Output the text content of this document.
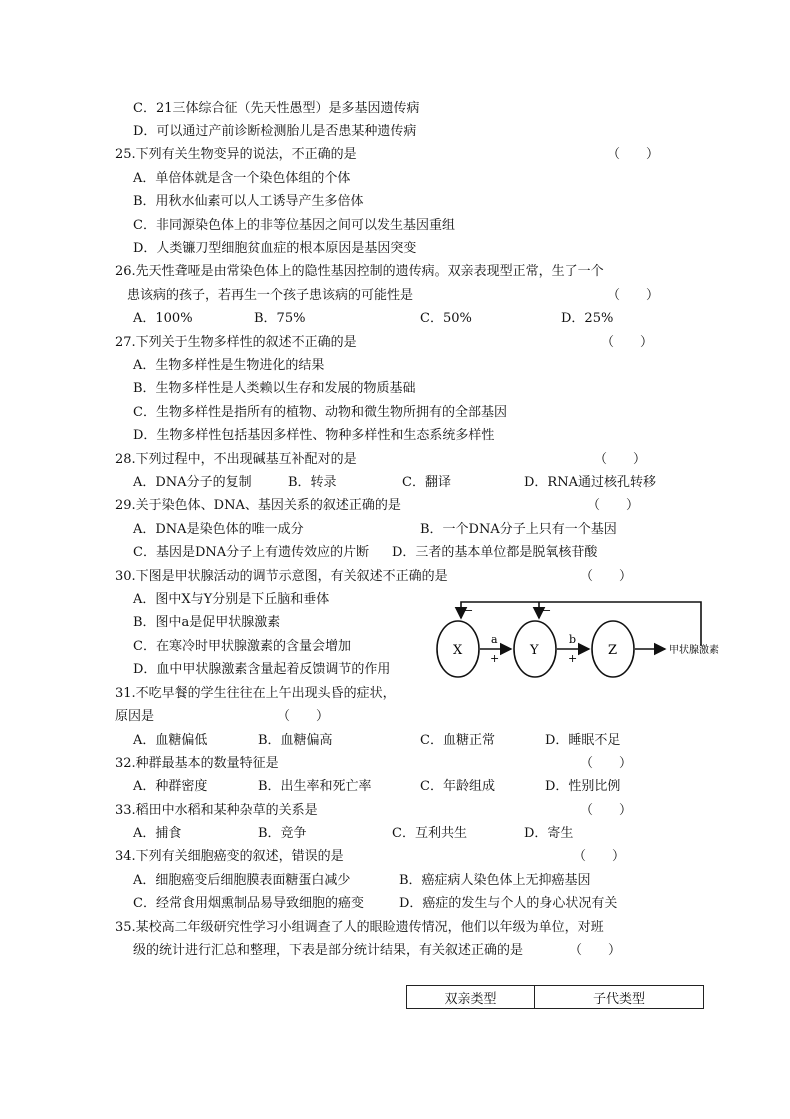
C．21三体综合征（先天性愚型）是多基因遗传病
D．可以通过产前诊断检测胎儿是否患某种遗传病
25.下列有关生物变异的说法，不正确的是	（　　）
A．单倍体就是含一个染色体组的个体
B．用秋水仙素可以人工诱导产生多倍体
C．非同源染色体上的非等位基因之间可以发生基因重组
D．人类镰刀型细胞贫血症的根本原因是基因突变
26.先天性聋哑是由常染色体上的隐性基因控制的遗传病。双亲表现型正常，生了一个
患该病的孩子，若再生一个孩子患该病的可能性是	（　　）
A．100%	B．75%	C．50%	D．25%
27.下列关于生物多样性的叙述不正确的是	（　　）
A．生物多样性是生物进化的结果
B．生物多样性是人类赖以生存和发展的物质基础
C．生物多样性是指所有的植物、动物和微生物所拥有的全部基因
D．生物多样性包括基因多样性、物种多样性和生态系统多样性
28.下列过程中，不出现碱基互补配对的是	（　　）
A．DNA分子的复制	B．转录	C．翻译	D．RNA通过核孔转移
29.关于染色体、DNA、基因关系的叙述正确的是	（　　）
A．DNA是染色体的唯一成分	B．一个DNA分子上只有一个基因
C．基因是DNA分子上有遗传效应的片断 D．三者的基本单位都是脱氧核苷酸
30.下图是甲状腺活动的调节示意图，有关叙述不正确的是	（　　）
A．图中X与Y分别是下丘脑和垂体
B．图中a是促甲状腺激素
C．在寒冷时甲状腺激素的含量会增加
D．血中甲状腺激素含量起着反馈调节的作用
−	−
X	Y	Z
a
+
b
+
甲状腺激素
31.不吃早餐的学生往往在上午出现头昏的症状，
原因是	（　　）
A．血糖偏低	B．血糖偏高	C．血糖正常	D．睡眠不足
32.种群最基本的数量特征是	（　　）
A．种群密度	B．出生率和死亡率	C．年龄组成	D．性别比例
33.稻田中水稻和某种杂草的关系是	（　　）
A．捕食	B．竞争	C．互利共生	D．寄生
34.下列有关细胞癌变的叙述，错误的是	（　　）
A．细胞癌变后细胞膜表面糖蛋白减少	B．癌症病人染色体上无抑癌基因
C．经常食用烟熏制品易导致细胞的癌变	D．癌症的发生与个人的身心状况有关
35.某校高二年级研究性学习小组调查了人的眼睑遗传情况，他们以年级为单位，对班
级的统计进行汇总和整理，下表是部分统计结果，有关叙述正确的是	（　　）
双亲类型	子代类型
